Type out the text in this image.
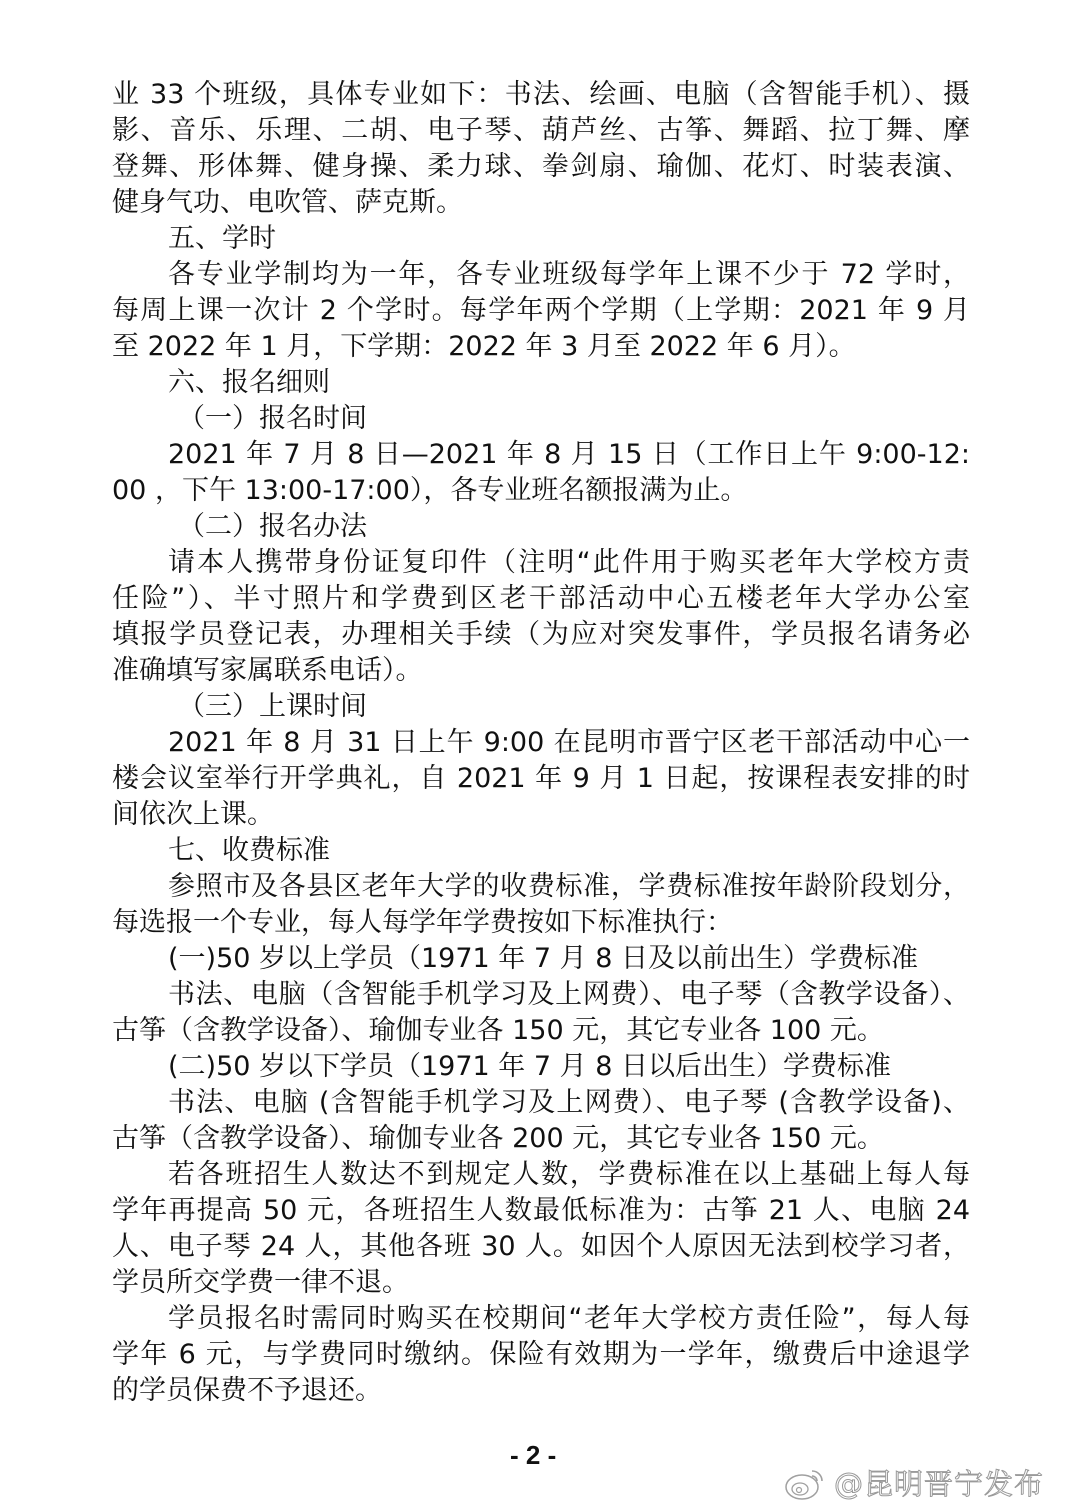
业 33 个班级，具体专业如下：书法、绘画、电脑（含智能手机）、摄
影、音乐、乐理、二胡、电子琴、葫芦丝、古筝、舞蹈、拉丁舞、摩
登舞、形体舞、健身操、柔力球、拳剑扇、瑜伽、花灯、时装表演、
健身气功、电吹管、萨克斯。
五、学时
各专业学制均为一年，各专业班级每学年上课不少于 72 学时，
每周上课一次计 2 个学时。每学年两个学期（上学期：2021 年 9 月
至 2022 年 1 月，下学期：2022 年 3 月至 2022 年 6 月）。
六、报名细则
（一）报名时间
2021 年 7 月 8 日—2021 年 8 月 15 日（工作日上午 9:00-12:
00 ，下午 13:00-17:00），各专业班名额报满为止。
（二）报名办法
请本人携带身份证复印件（注明“此件用于购买老年大学校方责
任险”）、半寸照片和学费到区老干部活动中心五楼老年大学办公室
填报学员登记表，办理相关手续（为应对突发事件，学员报名请务必
准确填写家属联系电话）。
（三）上课时间
2021 年 8 月 31 日上午 9:00 在昆明市晋宁区老干部活动中心一
楼会议室举行开学典礼，自 2021 年 9 月 1 日起，按课程表安排的时
间依次上课。
七、收费标准
参照市及各县区老年大学的收费标准，学费标准按年龄阶段划分，
每选报一个专业，每人每学年学费按如下标准执行：
(一)50 岁以上学员（1971 年 7 月 8 日及以前出生）学费标准
书法、电脑（含智能手机学习及上网费）、电子琴（含教学设备）、
古筝（含教学设备）、瑜伽专业各 150 元，其它专业各 100 元。
(二)50 岁以下学员（1971 年 7 月 8 日以后出生）学费标准
书法、电脑 (含智能手机学习及上网费）、电子琴 (含教学设备)、
古筝（含教学设备）、瑜伽专业各 200 元，其它专业各 150 元。
若各班招生人数达不到规定人数，学费标准在以上基础上每人每
学年再提高 50 元，各班招生人数最低标准为：古筝 21 人、电脑 24
人、电子琴 24 人，其他各班 30 人。如因个人原因无法到校学习者，
学员所交学费一律不退。
学员报名时需同时购买在校期间“老年大学校方责任险”，每人每
学年 6 元，与学费同时缴纳。保险有效期为一学年，缴费后中途退学
的学员保费不予退还。
- 2 -
@昆明晋宁发布
